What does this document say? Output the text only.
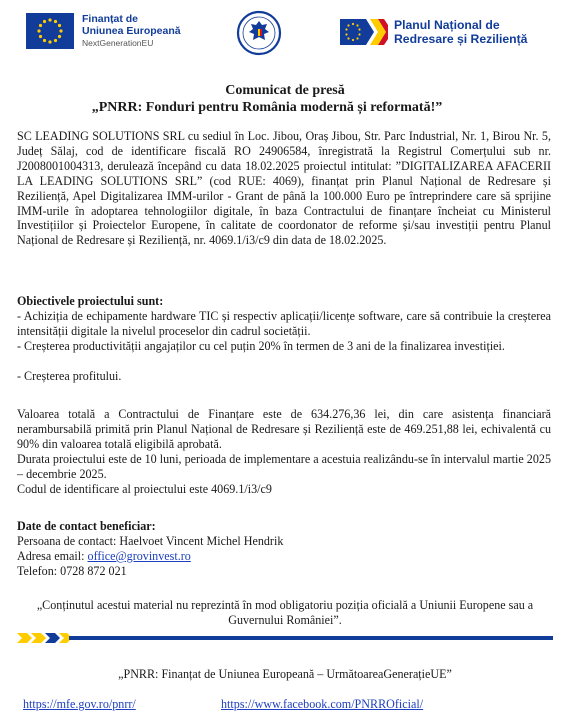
Finanțat de
Uniunea Europeană
NextGenerationEU
Planul Național de
Redresare și Reziliență
Comunicat de presă
„PNRR: Fonduri pentru România modernă și reformată!”

SC LEADING SOLUTIONS SRL cu sediul în Loc. Jibou, Oraș Jibou, Str. Parc Industrial, Nr. 1, Birou Nr. 5, Județ Sălaj, cod de identificare fiscală RO 24906584, înregistrată la Registrul Comerțului sub nr. J2008001004313, derulează începând cu data 18.02.2025 proiectul intitulat: ”DIGITALIZAREA AFACERII LA LEADING SOLUTIONS SRL” (cod RUE: 4069), finanțat prin Planul Național de Redresare și Reziliență, Apel Digitalizarea IMM-urilor - Grant de până la 100.000 Euro pe întreprindere care să sprijine IMM-urile în adoptarea tehnologiilor digitale, în baza Contractului de finanțare încheiat cu Ministerul Investițiilor și Proiectelor Europene, în calitate de coordonator de reforme și/sau investiții pentru Planul Național de Redresare și Reziliență, nr. 4069.1/i3/c9 din data de 18.02.2025.

Obiectivele proiectului sunt:

- Achiziția de echipamente hardware TIC și respectiv aplicații/licențe software, care să contribuie la creșterea intensității digitale la nivelul proceselor din cadrul societății.

- Creșterea productivității angajaților cu cel puțin 20% în termen de 3 ani de la finalizarea investiției.

- Creșterea profitului.

Valoarea totală a Contractului de Finanțare este de 634.276,36 lei, din care asistența financiară nerambursabilă primită prin Planul Național de Redresare și Reziliență este de 469.251,88 lei, echivalentă cu 90% din valoarea totală eligibilă aprobată.

Durata proiectului este de 10 luni, perioada de implementare a acestuia realizându-se în intervalul martie 2025 – decembrie 2025.

Codul de identificare al proiectului este 4069.1/i3/c9

Date de contact beneficiar:

Persoana de contact: Haelvoet Vincent Michel Hendrik

Adresa email: office@grovinvest.ro

Telefon: 0728 872 021

„Conținutul acestui material nu reprezintă în mod obligatoriu poziția oficială a Uniunii Europene sau a Guvernului României”.
„PNRR: Finanțat de Uniunea Europeană – UrmătoareaGenerațieUE”
https://mfe.gov.ro/pnrr/	https://www.facebook.com/PNRROficial/
